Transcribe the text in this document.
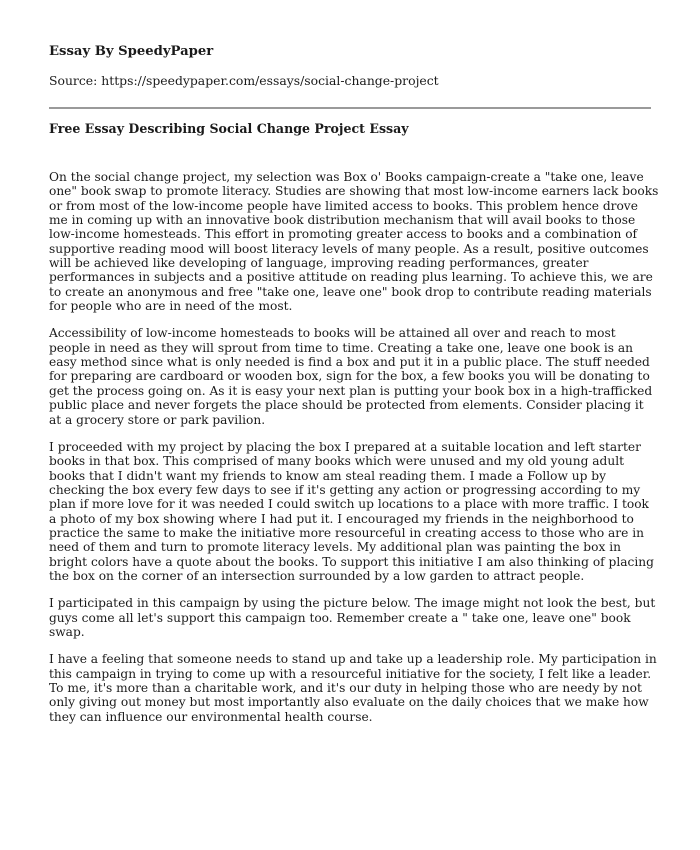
Essay By SpeedyPaper

Source: https://speedypaper.com/essays/social-change-project

Free Essay Describing Social Change Project Essay

On the social change project, my selection was Box o' Books campaign-create a "take one, leave one" book swap to promote literacy. Studies are showing that most low-income earners lack books or from most of the low-income people have limited access to books. This problem hence drove me in coming up with an innovative book distribution mechanism that will avail books to those low-income homesteads. This effort in promoting greater access to books and a combination of supportive reading mood will boost literacy levels of many people. As a result, positive outcomes will be achieved like developing of language, improving reading performances, greater performances in subjects and a positive attitude on reading plus learning. To achieve this, we are to create an anonymous and free "take one, leave one" book drop to contribute reading materials for people who are in need of the most.

Accessibility of low-income homesteads to books will be attained all over and reach to most people in need as they will sprout from time to time. Creating a take one, leave one book is an easy method since what is only needed is find a box and put it in a public place. The stuff needed for preparing are cardboard or wooden box, sign for the box, a few books you will be donating to get the process going on. As it is easy your next plan is putting your book box in a high-trafficked public place and never forgets the place should be protected from elements. Consider placing it at a grocery store or park pavilion.

I proceeded with my project by placing the box I prepared at a suitable location and left starter books in that box. This comprised of many books which were unused and my old young adult books that I didn't want my friends to know am steal reading them. I made a Follow up by checking the box every few days to see if it's getting any action or progressing according to my plan if more love for it was needed I could switch up locations to a place with more traffic. I took a photo of my box showing where I had put it. I encouraged my friends in the neighborhood to practice the same to make the initiative more resourceful in creating access to those who are in need of them and turn to promote literacy levels. My additional plan was painting the box in bright colors have a quote about the books. To support this initiative I am also thinking of placing the box on the corner of an intersection surrounded by a low garden to attract people.

I participated in this campaign by using the picture below. The image might not look the best, but guys come all let's support this campaign too. Remember create a " take one, leave one" book swap.

I have a feeling that someone needs to stand up and take up a leadership role. My participation in this campaign in trying to come up with a resourceful initiative for the society, I felt like a leader. To me, it's more than a charitable work, and it's our duty in helping those who are needy by not only giving out money but most importantly also evaluate on the daily choices that we make how they can influence our environmental health course.
